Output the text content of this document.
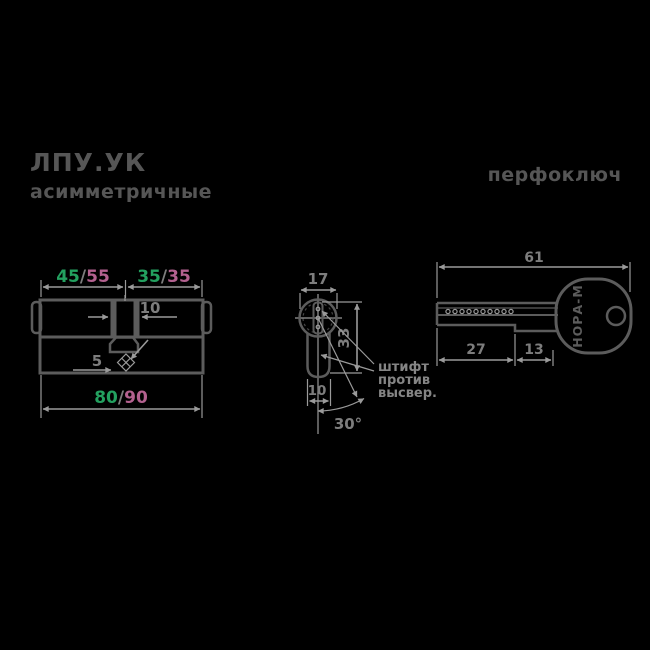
ЛПУ.УК
асимметричные
перфоключ
10
5
45/55 35/35
80/90
17
33
10
30°
штифт
против
высвер.
61
НОРА-М
27	13
